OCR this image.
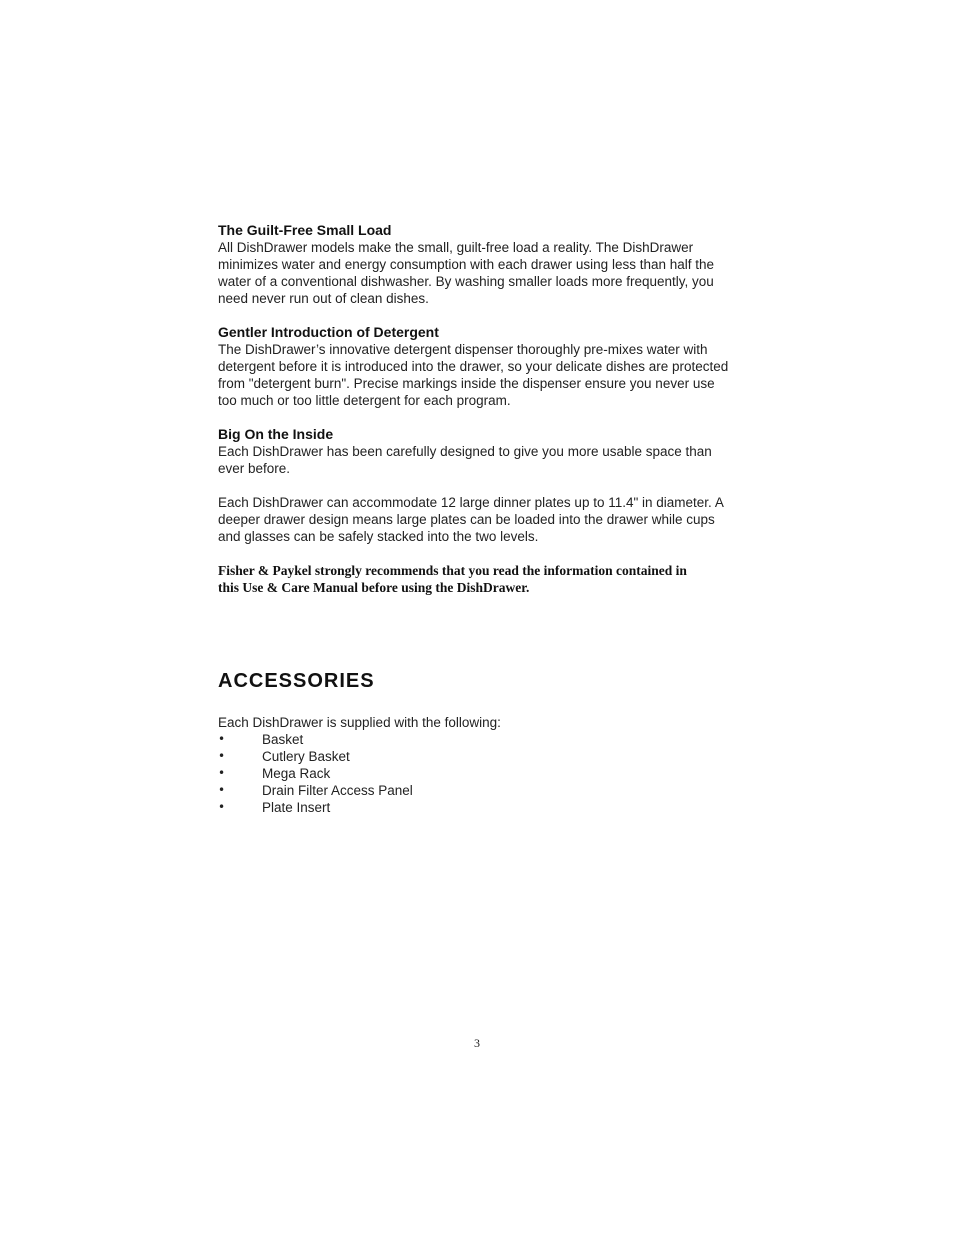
The Guilt-Free Small Load

All DishDrawer models make the small, guilt-free load a reality. The DishDrawer

minimizes water and energy consumption with each drawer using less than half the

water of a conventional dishwasher. By washing smaller loads more frequently, you

need never run out of clean dishes.

Gentler Introduction of Detergent

The DishDrawer’s innovative detergent dispenser thoroughly pre-mixes water with

detergent before it is introduced into the drawer, so your delicate dishes are protected

from "detergent burn". Precise markings inside the dispenser ensure you never use

too much or too little detergent for each program.

Big On the Inside

Each DishDrawer has been carefully designed to give you more usable space than

ever before.

Each DishDrawer can accommodate 12 large dinner plates up to 11.4" in diameter. A

deeper drawer design means large plates can be loaded into the drawer while cups

and glasses can be safely stacked into the two levels.

Fisher & Paykel strongly recommends that you read the information contained in

this Use & Care Manual before using the DishDrawer.

ACCESSORIES

Each DishDrawer is supplied with the following:

•	Basket
•	Cutlery Basket
•	Mega Rack
•	Drain Filter Access Panel
•	Plate Insert
3
